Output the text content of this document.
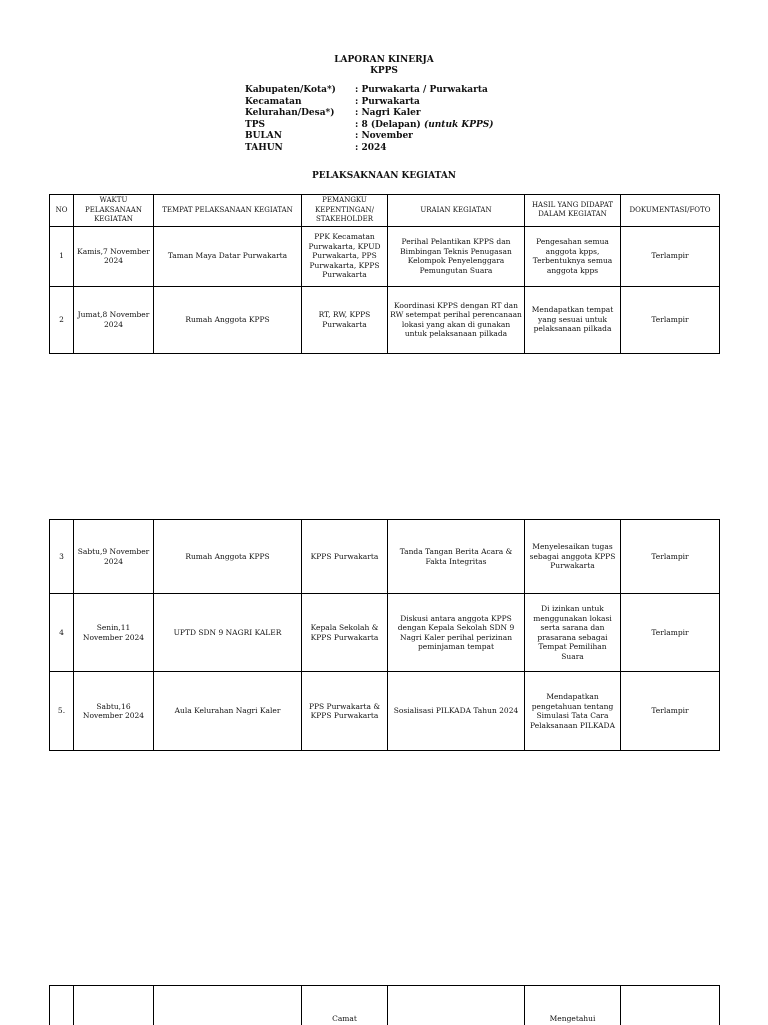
LAPORAN KINERJA
KPPS
Kabupaten/Kota*)	: Purwakarta / Purwakarta
Kecamatan	: Purwakarta
Kelurahan/Desa*)	: Nagri Kaler
TPS	: 8 (Delapan) (untuk KPPS)
BULAN	: November
TAHUN	: 2024
PELAKSAKNAAN KEGIATAN
NO	WAKTU PELAKSANAAN KEGIATAN	TEMPAT PELAKSANAAN KEGIATAN	PEMANGKU KEPENTINGAN/ STAKEHOLDER	URAIAN KEGIATAN	HASIL YANG DIDAPAT DALAM KEGIATAN	DOKUMENTASI/FOTO
1	Kamis,7 November 2024	Taman Maya Datar Purwakarta	PPK Kecamatan Purwakarta, KPUD Purwakarta, PPS Purwakarta, KPPS Purwakarta	Perihal Pelantikan KPPS dan Bimbingan Teknis Penugasan Kelompok Penyelenggara Pemungutan Suara	Pengesahan semua anggota kpps, Terbentuknya semua anggota kpps	Terlampir
2	Jumat,8 November 2024	Rumah Anggota KPPS	RT, RW, KPPS Purwakarta	Koordinasi KPPS dengan RT dan RW setempat perihal perencanaan lokasi yang akan di gunakan untuk pelaksanaan pilkada	Mendapatkan tempat yang sesuai untuk pelaksanaan pilkada	Terlampir
3	Sabtu,9 November 2024	Rumah Anggota KPPS	KPPS Purwakarta	Tanda Tangan Berita Acara & Fakta Integritas	Menyelesaikan tugas sebagai anggota KPPS Purwakarta	Terlampir
4	Senin,11 November 2024	UPTD SDN 9 NAGRI KALER	Kepala Sekolah & KPPS Purwakarta	Diskusi antara anggota KPPS dengan Kepala Sekolah SDN 9 Nagri Kaler perihal perizinan peminjaman tempat	Di izinkan untuk menggunakan lokasi serta sarana dan prasarana sebagai Tempat Pemilihan Suara	Terlampir
5.	Sabtu,16 November 2024	Aula Kelurahan Nagri Kaler	PPS Purwakarta & KPPS Purwakarta	Sosialisasi PILKADA Tahun 2024	Mendapatkan pengetahuan tentang Simulasi Tata Cara Pelaksanaan PILKADA	Terlampir
			Camat		Mengetahui	
